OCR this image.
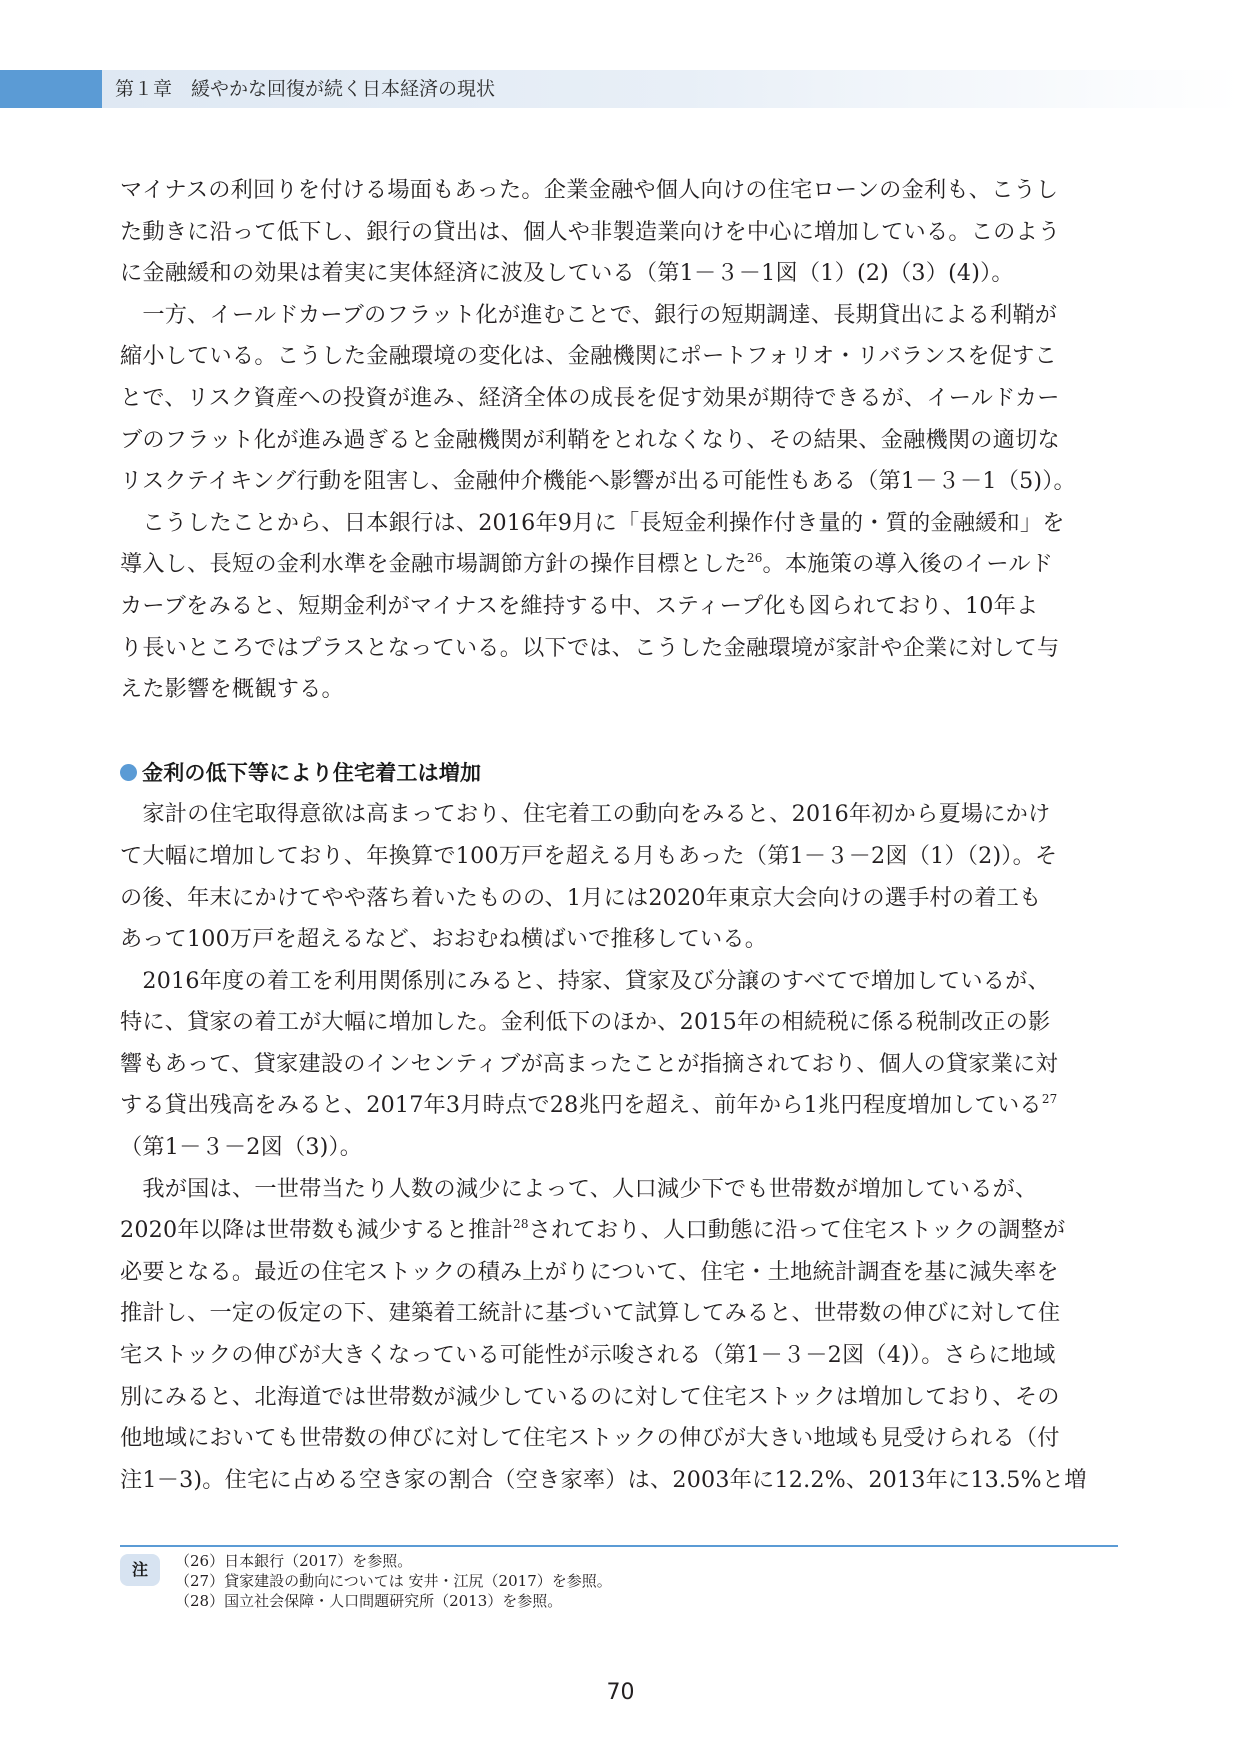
第１章　緩やかな回復が続く日本経済の現状

マイナスの利回りを付ける場面もあった。企業金融や個人向けの住宅ローンの金利も、こうし

た動きに沿って低下し、銀行の貸出は、個人や非製造業向けを中心に増加している。このよう

に金融緩和の効果は着実に実体経済に波及している（第1－３－1図（1）(2)（3）(4)）。

　一方、イールドカーブのフラット化が進むことで、銀行の短期調達、長期貸出による利鞘が

縮小している。こうした金融環境の変化は、金融機関にポートフォリオ・リバランスを促すこ

とで、リスク資産への投資が進み、経済全体の成長を促す効果が期待できるが、イールドカー

ブのフラット化が進み過ぎると金融機関が利鞘をとれなくなり、その結果、金融機関の適切な

リスクテイキング行動を阻害し、金融仲介機能へ影響が出る可能性もある（第1－３－1（5)）。

　こうしたことから、日本銀行は、2016年9月に「長短金利操作付き量的・質的金融緩和」を

導入し、長短の金利水準を金融市場調節方針の操作目標とした$^{26}$。本施策の導入後のイールド

カーブをみると、短期金利がマイナスを維持する中、スティープ化も図られており、10年よ

り長いところではプラスとなっている。以下では、こうした金融環境が家計や企業に対して与

えた影響を概観する。

金利の低下等により住宅着工は増加

　家計の住宅取得意欲は高まっており、住宅着工の動向をみると、2016年初から夏場にかけ

て大幅に増加しており、年換算で100万戸を超える月もあった（第1－３－2図（1）（2)）。そ

の後、年末にかけてやや落ち着いたものの、1月には2020年東京大会向けの選手村の着工も

あって100万戸を超えるなど、おおむね横ばいで推移している。

　2016年度の着工を利用関係別にみると、持家、貸家及び分譲のすべてで増加しているが、

特に、貸家の着工が大幅に増加した。金利低下のほか、2015年の相続税に係る税制改正の影

響もあって、貸家建設のインセンティブが高まったことが指摘されており、個人の貸家業に対

する貸出残高をみると、2017年3月時点で28兆円を超え、前年から1兆円程度増加している$^{27}$

（第1－３－2図（3)）。

　我が国は、一世帯当たり人数の減少によって、人口減少下でも世帯数が増加しているが、

2020年以降は世帯数も減少すると推計$^{28}$されており、人口動態に沿って住宅ストックの調整が

必要となる。最近の住宅ストックの積み上がりについて、住宅・土地統計調査を基に減失率を

推計し、一定の仮定の下、建築着工統計に基づいて試算してみると、世帯数の伸びに対して住

宅ストックの伸びが大きくなっている可能性が示唆される（第1－３－2図（4)）。さらに地域

別にみると、北海道では世帯数が減少しているのに対して住宅ストックは増加しており、その

他地域においても世帯数の伸びに対して住宅ストックの伸びが大きい地域も見受けられる（付

注1－3)。住宅に占める空き家の割合（空き家率）は、2003年に12.2%、2013年に13.5%と増

注	（26）日本銀行（2017）を参照。
（27）貸家建設の動向については 安井・江尻（2017）を参照。
（28）国立社会保障・人口問題研究所（2013）を参照。
70
